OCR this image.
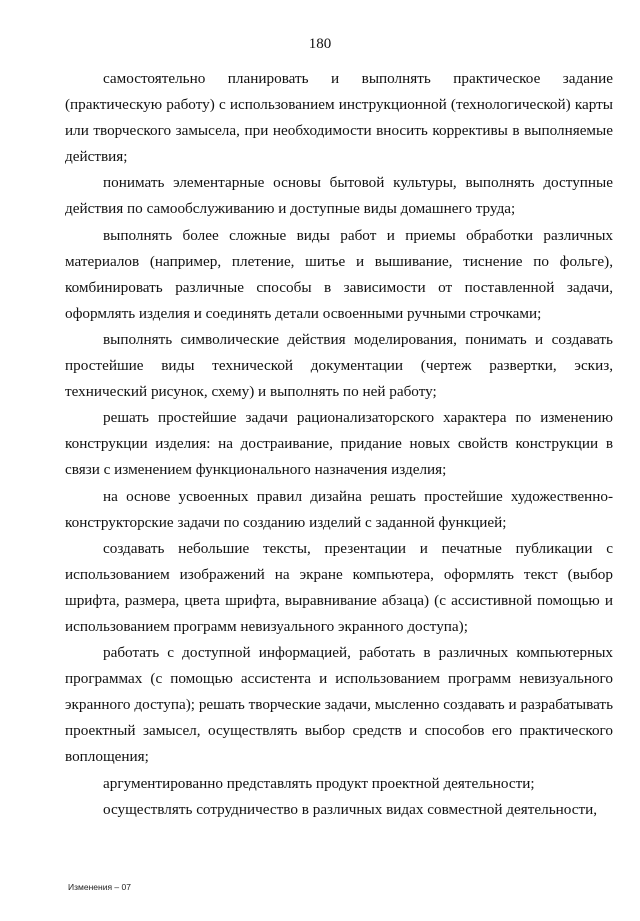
180

самостоятельно планировать и выполнять практическое задание (практическую работу) с использованием инструкционной (технологической) карты или творческого замысела, при необходимости вносить коррективы в выполняемые действия;

понимать элементарные основы бытовой культуры, выполнять доступные действия по самообслуживанию и доступные виды домашнего труда;

выполнять более сложные виды работ и приемы обработки различных материалов (например, плетение, шитье и вышивание, тиснение по фольге), комбинировать различные способы в зависимости от поставленной задачи, оформлять изделия и соединять детали освоенными ручными строчками;

выполнять символические действия моделирования, понимать и создавать простейшие виды технической документации (чертеж развертки, эскиз, технический рисунок, схему) и выполнять по ней работу;

решать простейшие задачи рационализаторского характера по изменению конструкции изделия: на достраивание, придание новых свойств конструкции в связи с изменением функционального назначения изделия;

на основе усвоенных правил дизайна решать простейшие художественно-конструкторские задачи по созданию изделий с заданной функцией;

создавать небольшие тексты, презентации и печатные публикации с использованием изображений на экране компьютера, оформлять текст (выбор шрифта, размера, цвета шрифта, выравнивание абзаца) (с ассистивной помощью и использованием программ невизуального экранного доступа);

работать с доступной информацией, работать в различных компьютерных программах (с помощью ассистента и использованием программ невизуального экранного доступа); решать творческие задачи, мысленно создавать и разрабатывать проектный замысел, осуществлять выбор средств и способов его практического воплощения;

аргументированно представлять продукт проектной деятельности;

осуществлять сотрудничество в различных видах совместной деятельности,

Изменения – 07
